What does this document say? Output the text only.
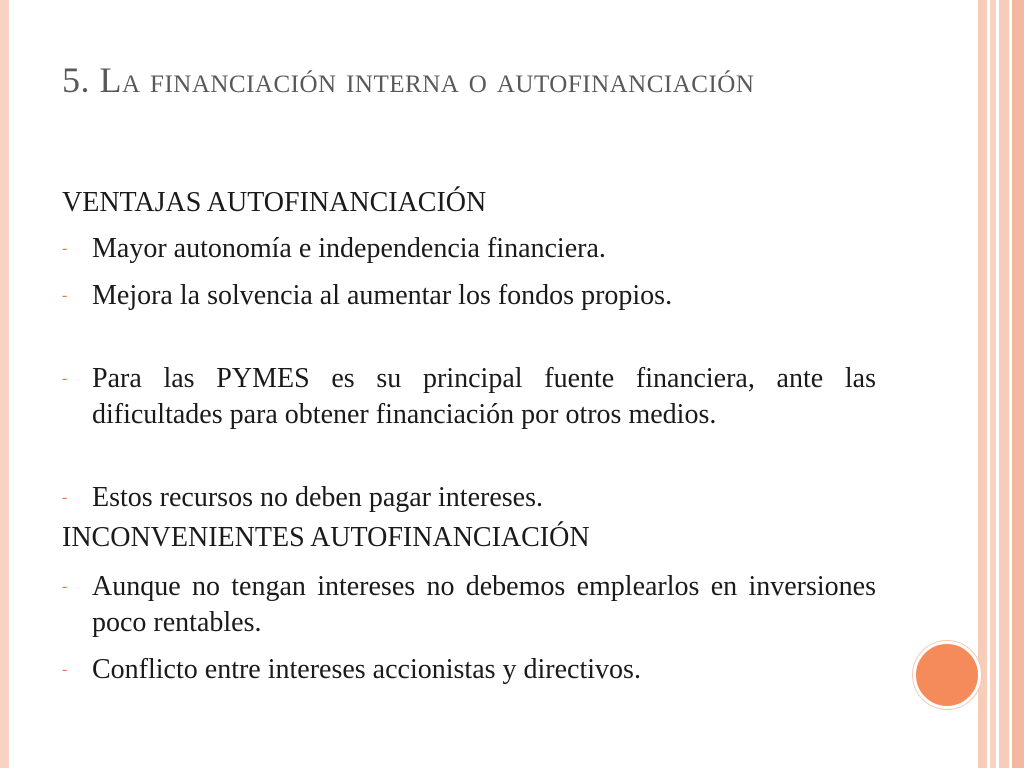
5. La financiación interna o autofinanciación
VENTAJAS AUTOFINANCIACIÓN
- Mayor autonomía e independencia financiera.
- Mejora la solvencia al aumentar los fondos propios.
- Para las PYMES es su principal fuente financiera, ante las dificultades para obtener financiación por otros medios.
- Estos recursos no deben pagar intereses.
INCONVENIENTES AUTOFINANCIACIÓN
- Aunque no tengan intereses no debemos emplearlos en inversiones poco rentables.
- Conflicto entre intereses accionistas y directivos.
